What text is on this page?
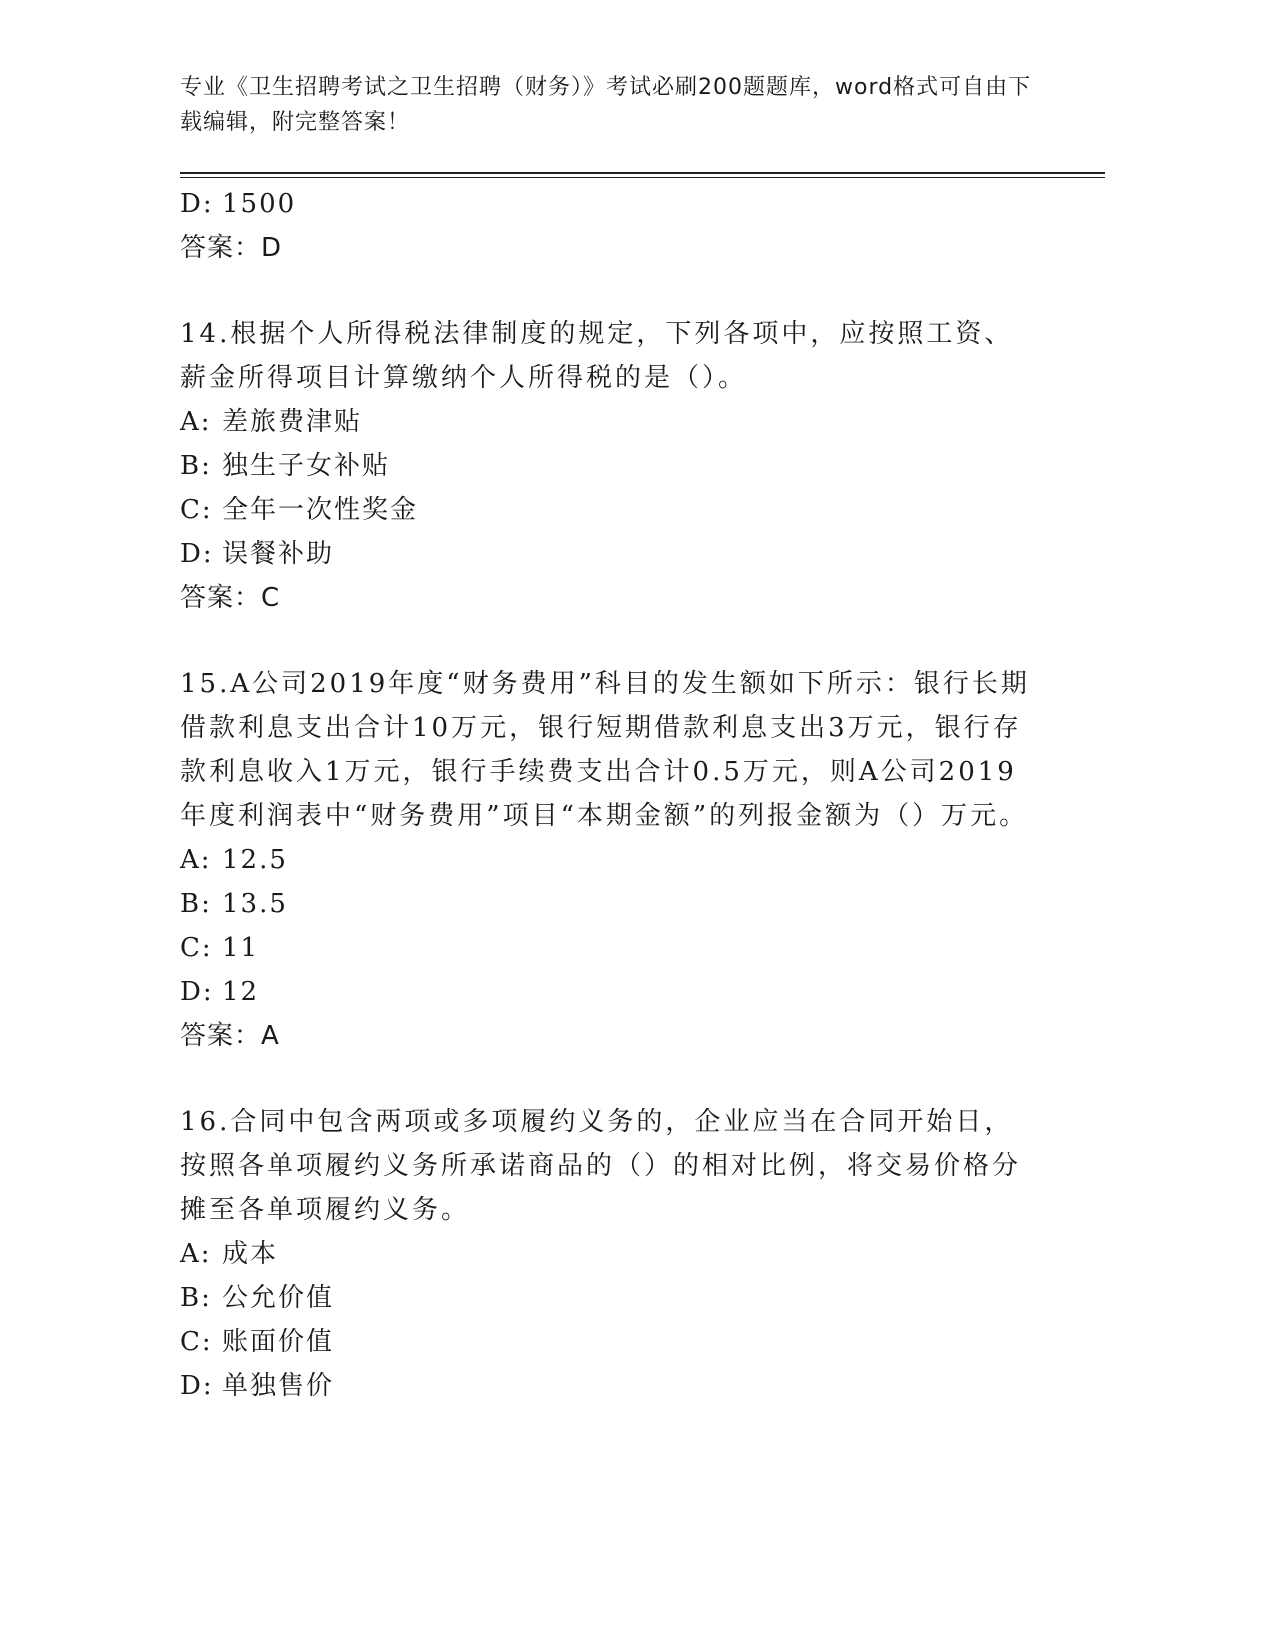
专业《卫生招聘考试之卫生招聘（财务）》考试必刷200题题库，word格式可自由下载编辑，附完整答案！
D: 1500
答案：D
14.根据个人所得税法律制度的规定，下列各项中，应按照工资、薪金所得项目计算缴纳个人所得税的是（）。
A: 差旅费津贴
B: 独生子女补贴
C: 全年一次性奖金
D: 误餐补助
答案：C
15.A公司2019年度“财务费用”科目的发生额如下所示：银行长期借款利息支出合计10万元，银行短期借款利息支出3万元，银行存款利息收入1万元，银行手续费支出合计0.5万元，则A公司2019年度利润表中“财务费用”项目“本期金额”的列报金额为（）万元。
A: 12.5
B: 13.5
C: 11
D: 12
答案：A
16.合同中包含两项或多项履约义务的，企业应当在合同开始日，按照各单项履约义务所承诺商品的（）的相对比例，将交易价格分摊至各单项履约义务。
A: 成本
B: 公允价值
C: 账面价值
D: 单独售价
